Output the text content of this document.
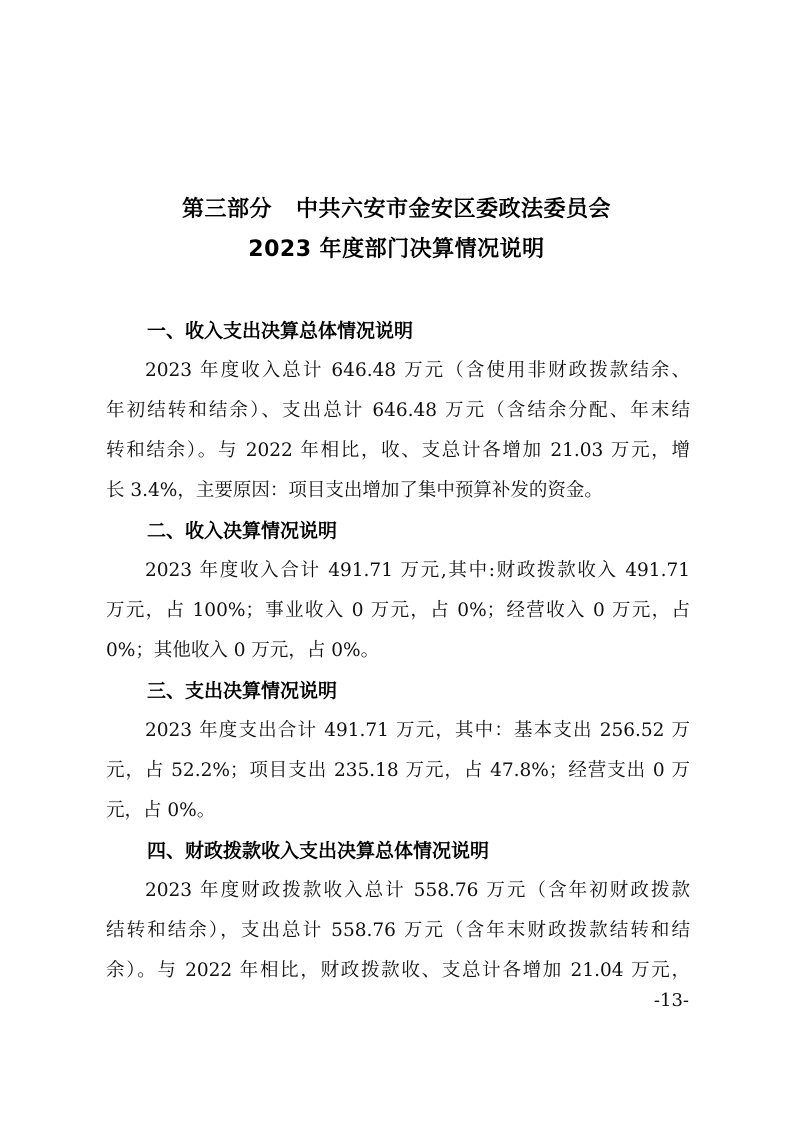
第三部分 中共六安市金安区委政法委员会
2023 年度部门决算情况说明
一、收入支出决算总体情况说明
2023 年度收入总计 646.48 万元（含使用非财政拨款结余、
年初结转和结余）、支出总计 646.48 万元（含结余分配、年末结
转和结余）。与 2022 年相比，收、支总计各增加 21.03 万元，增
长 3.4%，主要原因：项目支出增加了集中预算补发的资金。
二、收入决算情况说明
2023 年度收入合计 491.71 万元,其中:财政拨款收入 491.71
万元，占 100%；事业收入 0 万元，占 0%；经营收入 0 万元，占
0%；其他收入 0 万元，占 0%。
三、支出决算情况说明
2023 年度支出合计 491.71 万元，其中：基本支出 256.52 万
元，占 52.2%；项目支出 235.18 万元，占 47.8%；经营支出 0 万
元，占 0%。
四、财政拨款收入支出决算总体情况说明
2023 年度财政拨款收入总计 558.76 万元（含年初财政拨款
结转和结余），支出总计 558.76 万元（含年末财政拨款结转和结
余）。与 2022 年相比，财政拨款收、支总计各增加 21.04 万元，
-13-
